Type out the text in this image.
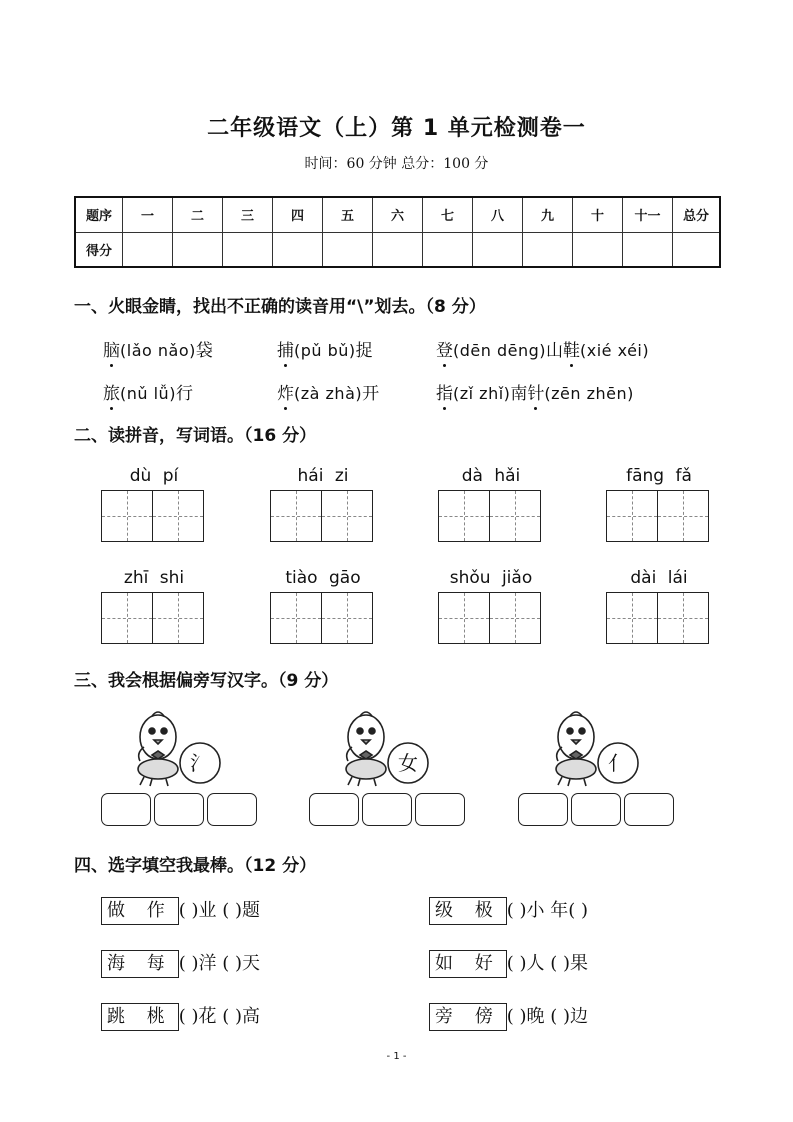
二年级语文（上）第 1 单元检测卷一
时间：60 分钟 总分：100 分
题序	一	二	三	四	五	六	七	八	九	十	十一	总分
得分												
一、火眼金睛，找出不正确的读音用“\”划去。（8 分）
脑(lǎo nǎo)袋	捕(pǔ bǔ)捉	登(dēn dēng)山鞋(xié xéi)
旅(nǔ lǚ)行	炸(zà zhà)开	指(zǐ zhǐ)南针(zēn zhēn)
二、读拼音，写词语。（16 分）
dù pí	hái zi	dà hǎi	fāng fǎ
zhī shi	tiào gāo	shǒu jiǎo	dài lái
三、我会根据偏旁写汉字。（9 分）
氵	女	亻
四、选字填空我最棒。（12 分）
做 作 ( )业 ( )题	级 极 ( )小 年( )
海 每 ( )洋 ( )天	如 好 ( )人 ( )果
跳 桃 ( )花 ( )高	旁 傍 ( )晚 ( )边
- 1 -
